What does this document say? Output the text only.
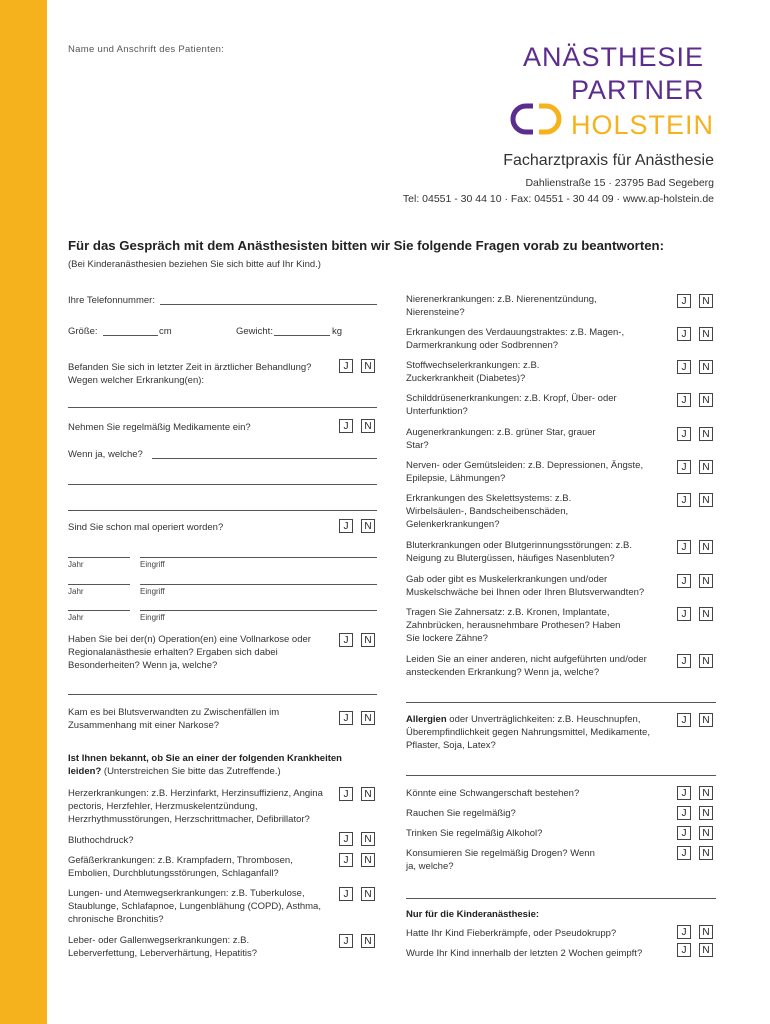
Name und Anschrift des Patienten:	ANÄSTHESIE
PARTNER
HOLSTEIN
Facharztpraxis für Anästhesie
Dahlienstraße 15 · 23795 Bad Segeberg
Tel: 04551 - 30 44 10 · Fax: 04551 - 30 44 09 · www.ap-holstein.de
Für das Gespräch mit dem Anästhesisten bitten wir Sie folgende Fragen vorab zu beantworten:
(Bei Kinderanästhesien beziehen Sie sich bitte auf Ihr Kind.)
Ihre Telefonnummer:
Größe:	cm	Gewicht:	kg
Befanden Sie sich in letzter Zeit in ärztlicher Behandlung? Wegen welcher Erkrankung(en):
J	N
Nehmen Sie regelmäßig Medikamente ein?	J	N
Wenn ja, welche?
Sind Sie schon mal operiert worden?	J	N
Jahr	Eingriff
Jahr	Eingriff
Jahr	Eingriff
Haben Sie bei der(n) Operation(en) eine Vollnarkose oder Regionalanästhesie erhalten? Ergaben sich dabei Besonderheiten? Wenn ja, welche?
J	N
Kam es bei Blutsverwandten zu Zwischenfällen im Zusammenhang mit einer Narkose?
J	N
Ist Ihnen bekannt, ob Sie an einer der folgenden Krankheiten leiden? (Unterstreichen Sie bitte das Zutreffende.)
Herzerkrankungen: z.B. Herzinfarkt, Herzinsuffizienz, Angina pectoris, Herzfehler, Herzmuskelentzündung, Herzrhythmusstörungen, Herzschrittmacher, Defibrillator?
J	N
Bluthochdruck?	J	N
Gefäßerkrankungen: z.B. Krampfadern, Thrombosen, Embolien, Durchblutungsstörungen, Schlaganfall?
J	N
Lungen- und Atemwegserkrankungen: z.B. Tuberkulose, Staublunge, Schlafapnoe, Lungenblähung (COPD), Asthma, chronische Bronchitis?
J	N
Leber- oder Gallenwegserkrankungen: z.B. Leberverfettung, Leberverhärtung, Hepatitis?
J	N
Nierenerkrankungen: z.B. Nierenentzündung, Nierensteine?
J	N
Erkrankungen des Verdauungstraktes: z.B. Magen-, Darmerkrankung oder Sodbrennen?
J	N
Stoffwechselerkrankungen: z.B. Zuckerkrankheit (Diabetes)?
J	N
Schilddrüsenerkrankungen: z.B. Kropf, Über- oder Unterfunktion?
J	N
Augenerkrankungen: z.B. grüner Star, grauer Star?
J	N
Nerven- oder Gemütsleiden: z.B. Depressionen, Ängste, Epilepsie, Lähmungen?
J	N
Erkrankungen des Skelettsystems: z.B. Wirbelsäulen-, Bandscheibenschäden, Gelenkerkrankungen?
J	N
Bluterkrankungen oder Blutgerinnungsstörungen: z.B. Neigung zu Blutergüssen, häufiges Nasenbluten?
J	N
Gab oder gibt es Muskelerkrankungen und/oder Muskelschwäche bei Ihnen oder Ihren Blutsverwandten?
J	N
Tragen Sie Zahnersatz: z.B. Kronen, Implantate, Zahnbrücken, herausnehmbare Prothesen? Haben Sie lockere Zähne?
J	N
Leiden Sie an einer anderen, nicht aufgeführten und/oder ansteckenden Erkrankung? Wenn ja, welche?
J	N
Allergien oder Unverträglichkeiten: z.B. Heuschnupfen, Überempfindlichkeit gegen Nahrungsmittel, Medikamente, Pflaster, Soja, Latex?
J	N
Könnte eine Schwangerschaft bestehen?	J	N
Rauchen Sie regelmäßig?	J	N
Trinken Sie regelmäßig Alkohol?	J	N
Konsumieren Sie regelmäßig Drogen? Wenn ja, welche?
J	N
Nur für die Kinderanästhesie:
Hatte Ihr Kind Fieberkrämpfe, oder Pseudokrupp?	J	N
Wurde Ihr Kind innerhalb der letzten 2 Wochen geimpft?	J	N
